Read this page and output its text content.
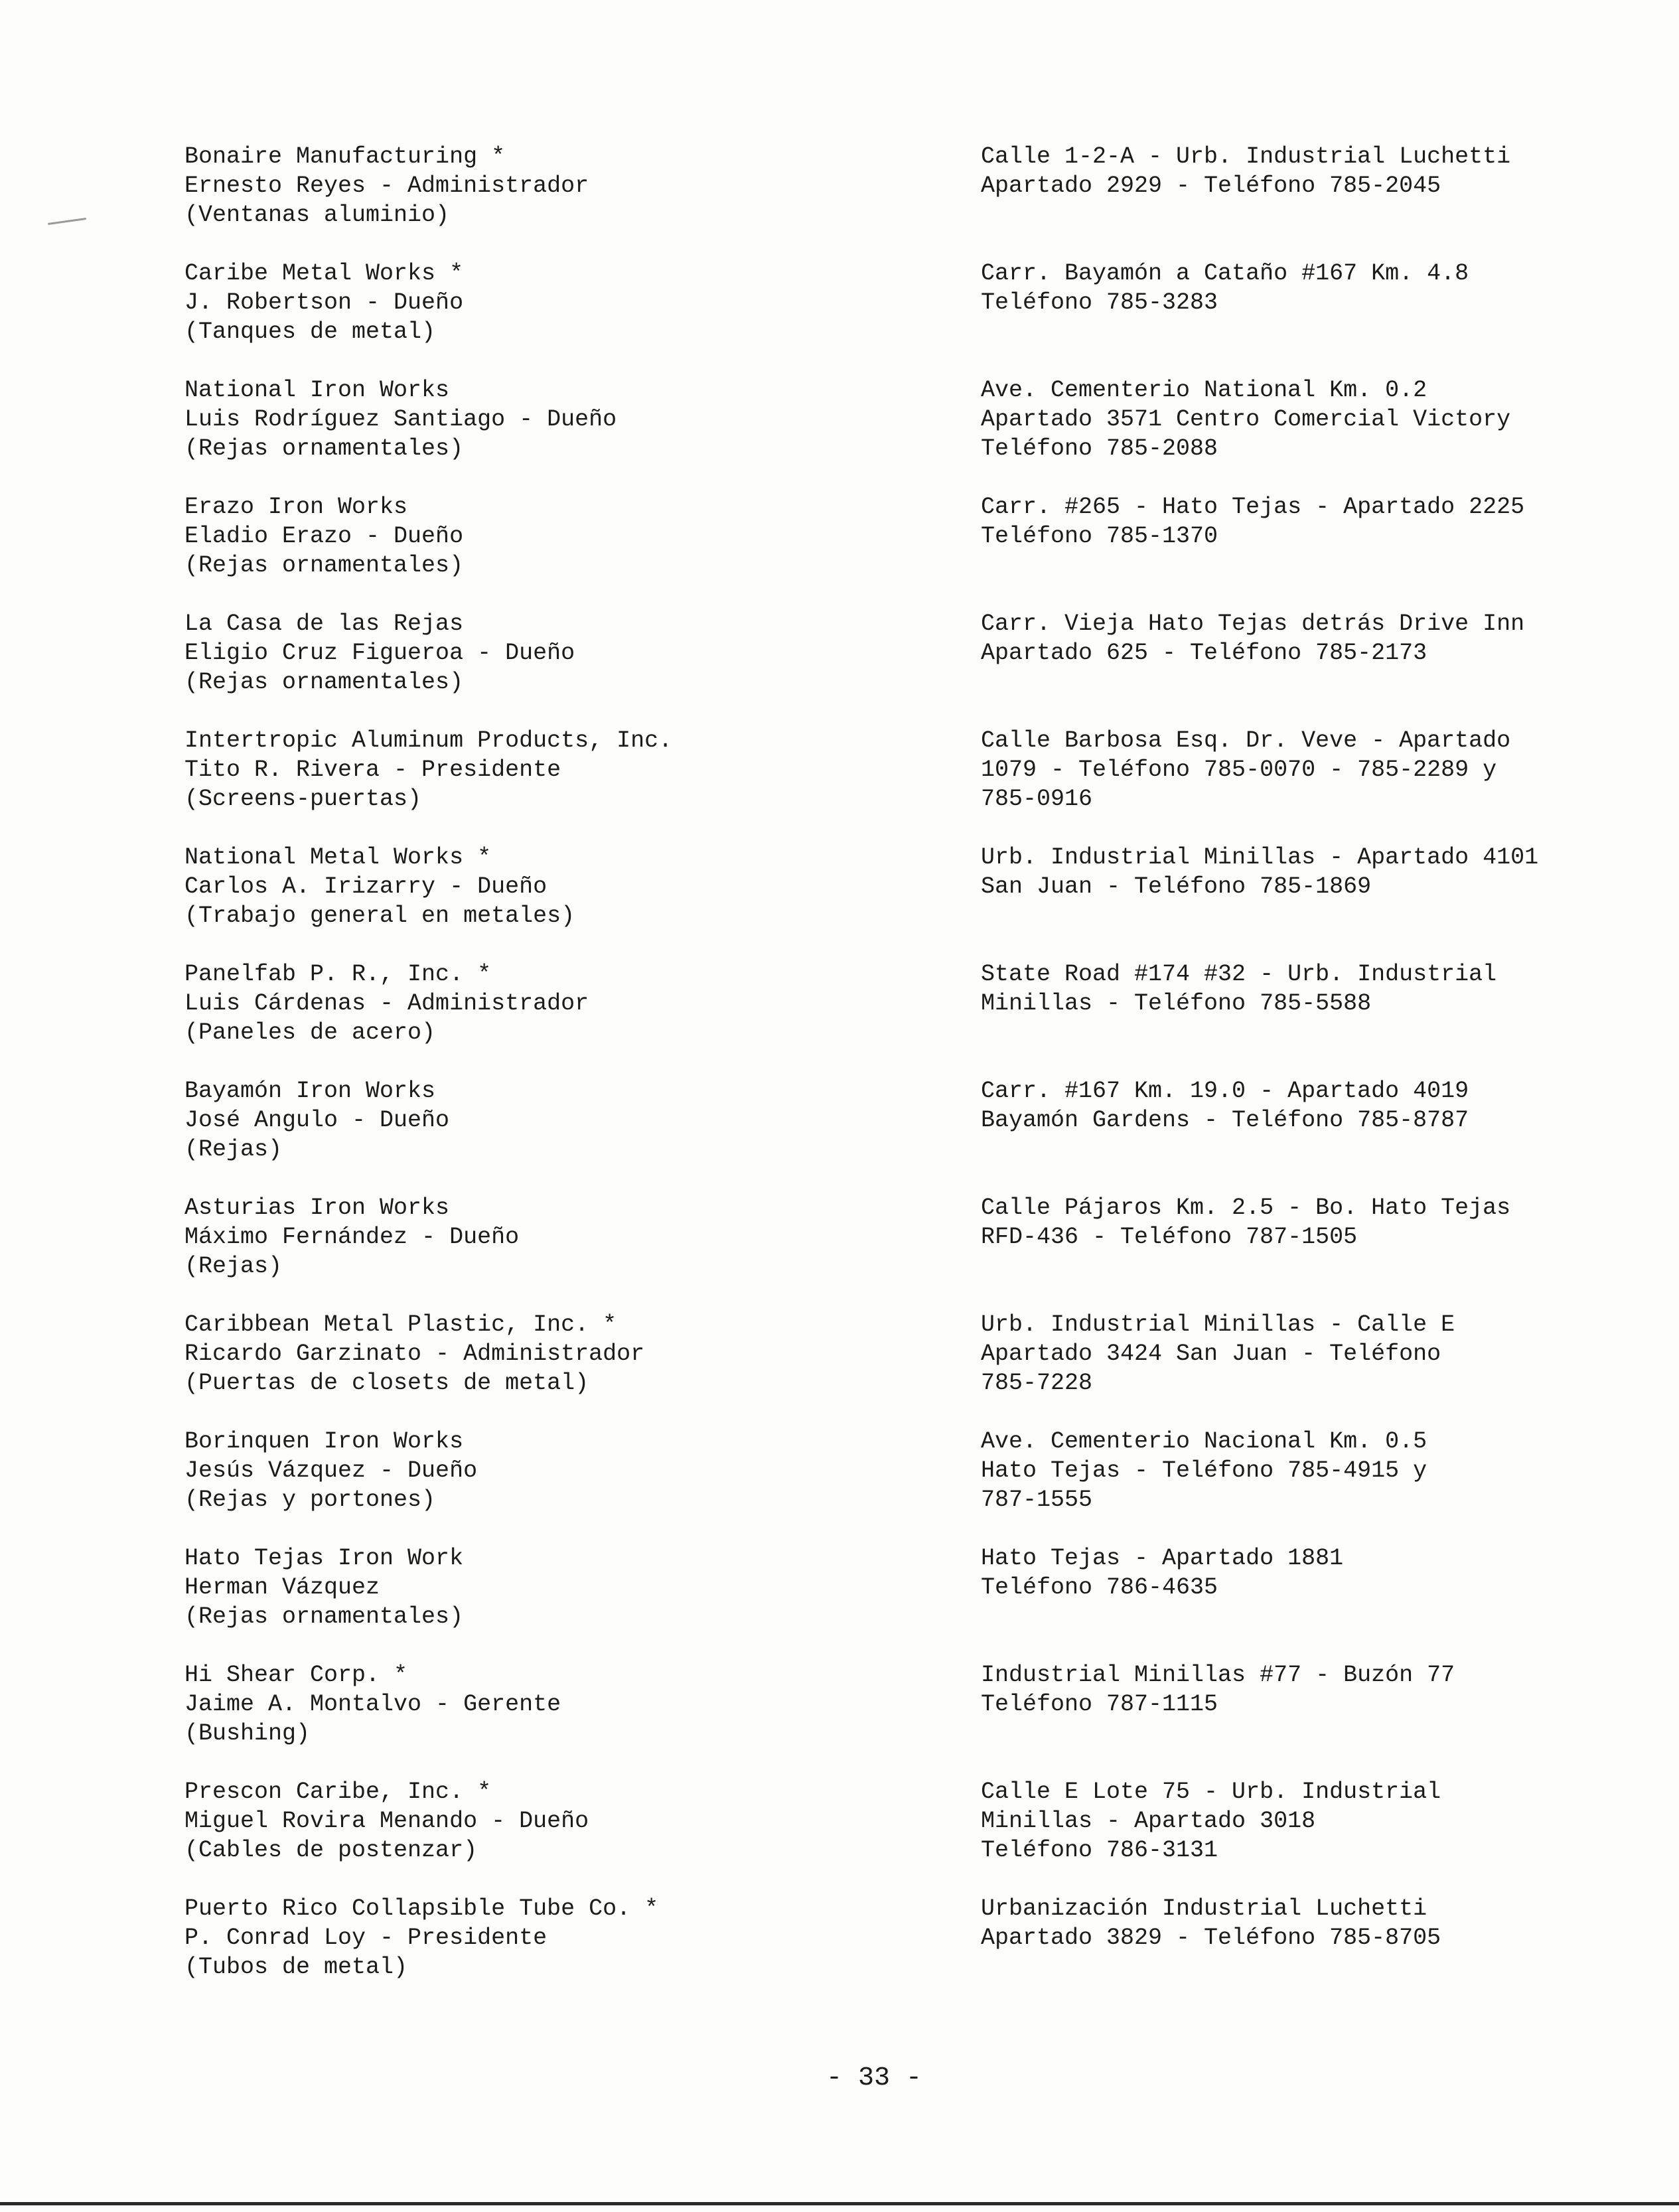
Bonaire Manufacturing *
Ernesto Reyes - Administrador
(Ventanas aluminio)
Calle 1-2-A - Urb. Industrial Luchetti
Apartado 2929 - Teléfono 785-2045
Caribe Metal Works *
J. Robertson - Dueño
(Tanques de metal)
Carr. Bayamón a Cataño #167 Km. 4.8
Teléfono 785-3283
National Iron Works
Luis Rodríguez Santiago - Dueño
(Rejas ornamentales)
Ave. Cementerio National Km. 0.2
Apartado 3571 Centro Comercial Victory
Teléfono 785-2088
Erazo Iron Works
Eladio Erazo - Dueño
(Rejas ornamentales)
Carr. #265 - Hato Tejas - Apartado 2225
Teléfono 785-1370
La Casa de las Rejas
Eligio Cruz Figueroa - Dueño
(Rejas ornamentales)
Carr. Vieja Hato Tejas detrás Drive Inn
Apartado 625 - Teléfono 785-2173
Intertropic Aluminum Products, Inc.
Tito R. Rivera - Presidente
(Screens-puertas)
Calle Barbosa Esq. Dr. Veve - Apartado
1079 - Teléfono 785-0070 - 785-2289 y
785-0916
National Metal Works *
Carlos A. Irizarry - Dueño
(Trabajo general en metales)
Urb. Industrial Minillas - Apartado 4101
San Juan - Teléfono 785-1869
Panelfab P. R., Inc. *
Luis Cárdenas - Administrador
(Paneles de acero)
State Road #174 #32 - Urb. Industrial
Minillas - Teléfono 785-5588
Bayamón Iron Works
José Angulo - Dueño
(Rejas)
Carr. #167 Km. 19.0 - Apartado 4019
Bayamón Gardens - Teléfono 785-8787
Asturias Iron Works
Máximo Fernández - Dueño
(Rejas)
Calle Pájaros Km. 2.5 - Bo. Hato Tejas
RFD-436 - Teléfono 787-1505
Caribbean Metal Plastic, Inc. *
Ricardo Garzinato - Administrador
(Puertas de closets de metal)
Urb. Industrial Minillas - Calle E
Apartado 3424 San Juan - Teléfono
785-7228
Borinquen Iron Works
Jesús Vázquez - Dueño
(Rejas y portones)
Ave. Cementerio Nacional Km. 0.5
Hato Tejas - Teléfono 785-4915 y
787-1555
Hato Tejas Iron Work
Herman Vázquez
(Rejas ornamentales)
Hato Tejas - Apartado 1881
Teléfono 786-4635
Hi Shear Corp. *
Jaime A. Montalvo - Gerente
(Bushing)
Industrial Minillas #77 - Buzón 77
Teléfono 787-1115
Prescon Caribe, Inc. *
Miguel Rovira Menando - Dueño
(Cables de postenzar)
Calle E Lote 75 - Urb. Industrial
Minillas - Apartado 3018
Teléfono 786-3131
Puerto Rico Collapsible Tube Co. *
P. Conrad Loy - Presidente
(Tubos de metal)
Urbanización Industrial Luchetti
Apartado 3829 - Teléfono 785-8705
- 33 -
